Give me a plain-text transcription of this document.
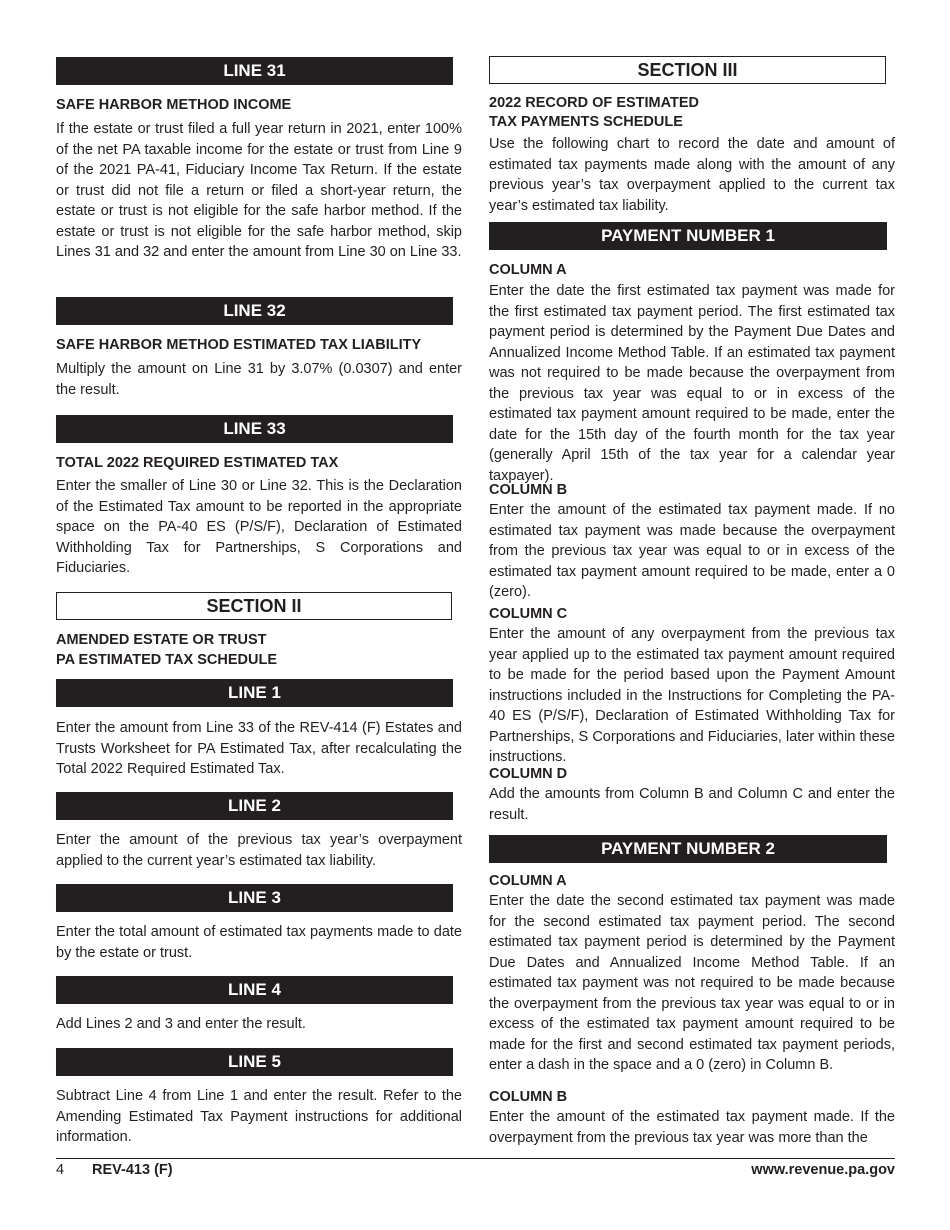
LINE 31
SAFE HARBOR METHOD INCOME

If the estate or trust filed a full year return in 2021, enter 100% of the net PA taxable income for the estate or trust from Line 9 of the 2021 PA-41, Fiduciary Income Tax Return. If the estate or trust did not file a return or filed a short-year return, the estate or trust is not eligible for the safe harbor method. If the estate or trust is not eligible for the safe harbor method, skip Lines 31 and 32 and enter the amount from Line 30 on Line 33.

LINE 32
SAFE HARBOR METHOD ESTIMATED TAX LIABILITY

Multiply the amount on Line 31 by 3.07% (0.0307) and enter the result.

LINE 33
TOTAL 2022 REQUIRED ESTIMATED TAX

Enter the smaller of Line 30 or Line 32. This is the Declaration of the Estimated Tax amount to be reported in the appropriate space on the PA-40 ES (P/S/F), Declaration of Estimated Withholding Tax for Partnerships, S Corporations and Fiduciaries.

SECTION II
AMENDED ESTATE OR TRUST
PA ESTIMATED TAX SCHEDULE
LINE 1

Enter the amount from Line 33 of the REV-414 (F) Estates and Trusts Worksheet for PA Estimated Tax, after recalculating the Total 2022 Required Estimated Tax.

LINE 2

Enter the amount of the previous tax year’s overpayment applied to the current year’s estimated tax liability.

LINE 3

Enter the total amount of estimated tax payments made to date by the estate or trust.

LINE 4

Add Lines 2 and 3 and enter the result.

LINE 5

Subtract Line 4 from Line 1 and enter the result. Refer to the Amending Estimated Tax Payment instructions for additional information.

SECTION III
2022 RECORD OF ESTIMATED
TAX PAYMENTS SCHEDULE

Use the following chart to record the date and amount of estimated tax payments made along with the amount of any previous year’s tax overpayment applied to the current tax year’s estimated tax liability.

PAYMENT NUMBER 1
COLUMN A

Enter the date the first estimated tax payment was made for the first estimated tax payment period. The first estimated tax payment period is determined by the Payment Due Dates and Annualized Income Method Table. If an estimated tax payment was not required to be made because the overpayment from the previous tax year was equal to or in excess of the estimated tax payment amount required to be made, enter the date for the 15th day of the fourth month for the tax year (generally April 15th of the tax year for a calendar year taxpayer).

COLUMN B

Enter the amount of the estimated tax payment made. If no estimated tax payment was made because the overpayment from the previous tax year was equal to or in excess of the estimated tax payment amount required to be made, enter a 0 (zero).

COLUMN C

Enter the amount of any overpayment from the previous tax year applied up to the estimated tax payment amount required to be made for the period based upon the Payment Amount instructions included in the Instructions for Completing the PA-40 ES (P/S/F), Declaration of Estimated Withholding Tax for Partnerships, S Corporations and Fiduciaries, later within these instructions.

COLUMN D

Add the amounts from Column B and Column C and enter the result.

PAYMENT NUMBER 2
COLUMN A

Enter the date the second estimated tax payment was made for the second estimated tax payment period. The second estimated tax payment period is determined by the Payment Due Dates and Annualized Income Method Table. If an estimated tax payment was not required to be made because the overpayment from the previous tax year was equal to or in excess of the estimated tax payment amount required to be made for the first and second estimated tax payment periods, enter a dash in the space and a 0 (zero) in Column B.

COLUMN B

Enter the amount of the estimated tax payment made. If the overpayment from the previous tax year was more than the

4 REV-413 (F)	www.revenue.pa.gov
